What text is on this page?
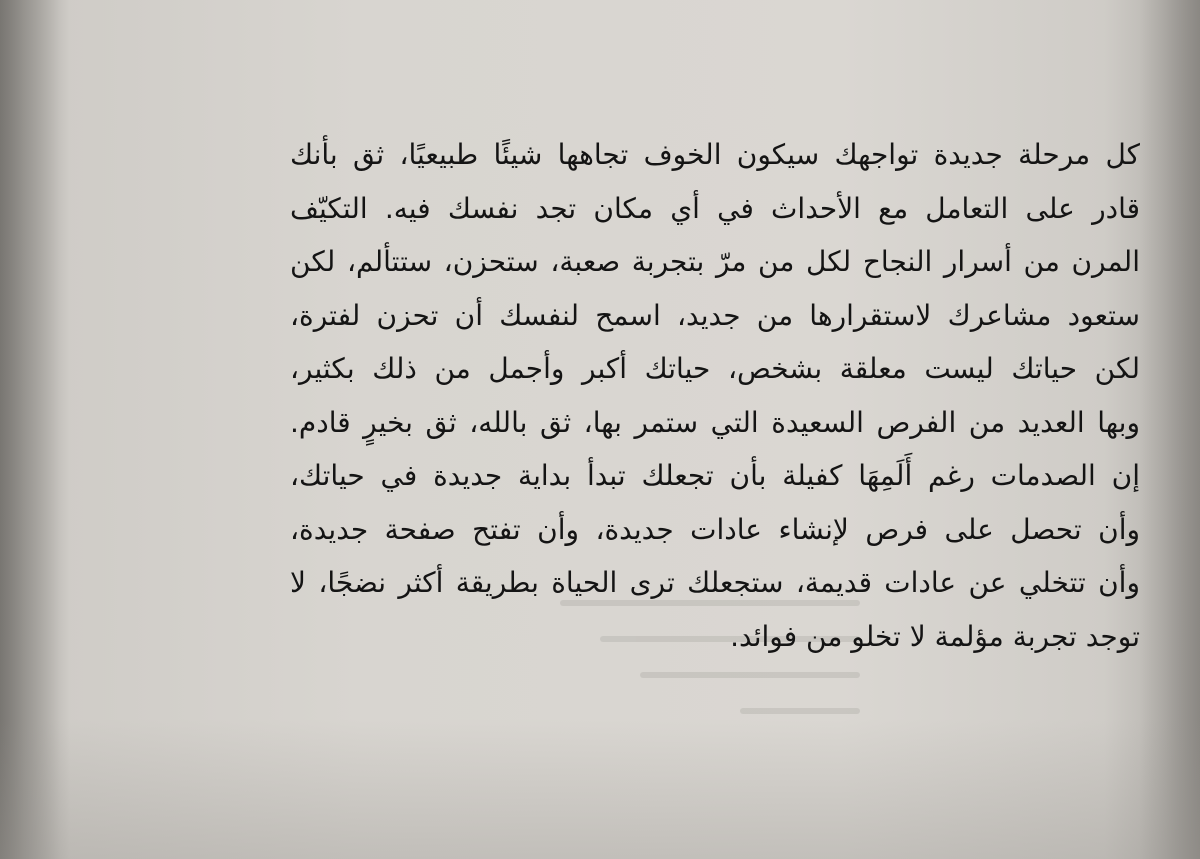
كل مرحلة جديدة تواجهك سيكون الخوف تجاهها شيئًا طبيعيًا، ثق بأنك
قادر على التعامل مع الأحداث في أي مكان تجد نفسك فيه. التكيّف
المرن من أسرار النجاح لكل من مرّ بتجربة صعبة، ستحزن، ستتألم، لكن
ستعود مشاعرك لاستقرارها من جديد، اسمح لنفسك أن تحزن لفترة،
لكن حياتك ليست معلقة بشخص، حياتك أكبر وأجمل من ذلك بكثير،
وبها العديد من الفرص السعيدة التي ستمر بها، ثق بالله، ثق بخيرٍ قادم.
إن الصدمات رغم أَلَمِهَا كفيلة بأن تجعلك تبدأ بداية جديدة في حياتك،
وأن تحصل على فرص لإنشاء عادات جديدة، وأن تفتح صفحة جديدة،
وأن تتخلي عن عادات قديمة، ستجعلك ترى الحياة بطريقة أكثر نضجًا، لا
توجد تجربة مؤلمة لا تخلو من فوائد.
